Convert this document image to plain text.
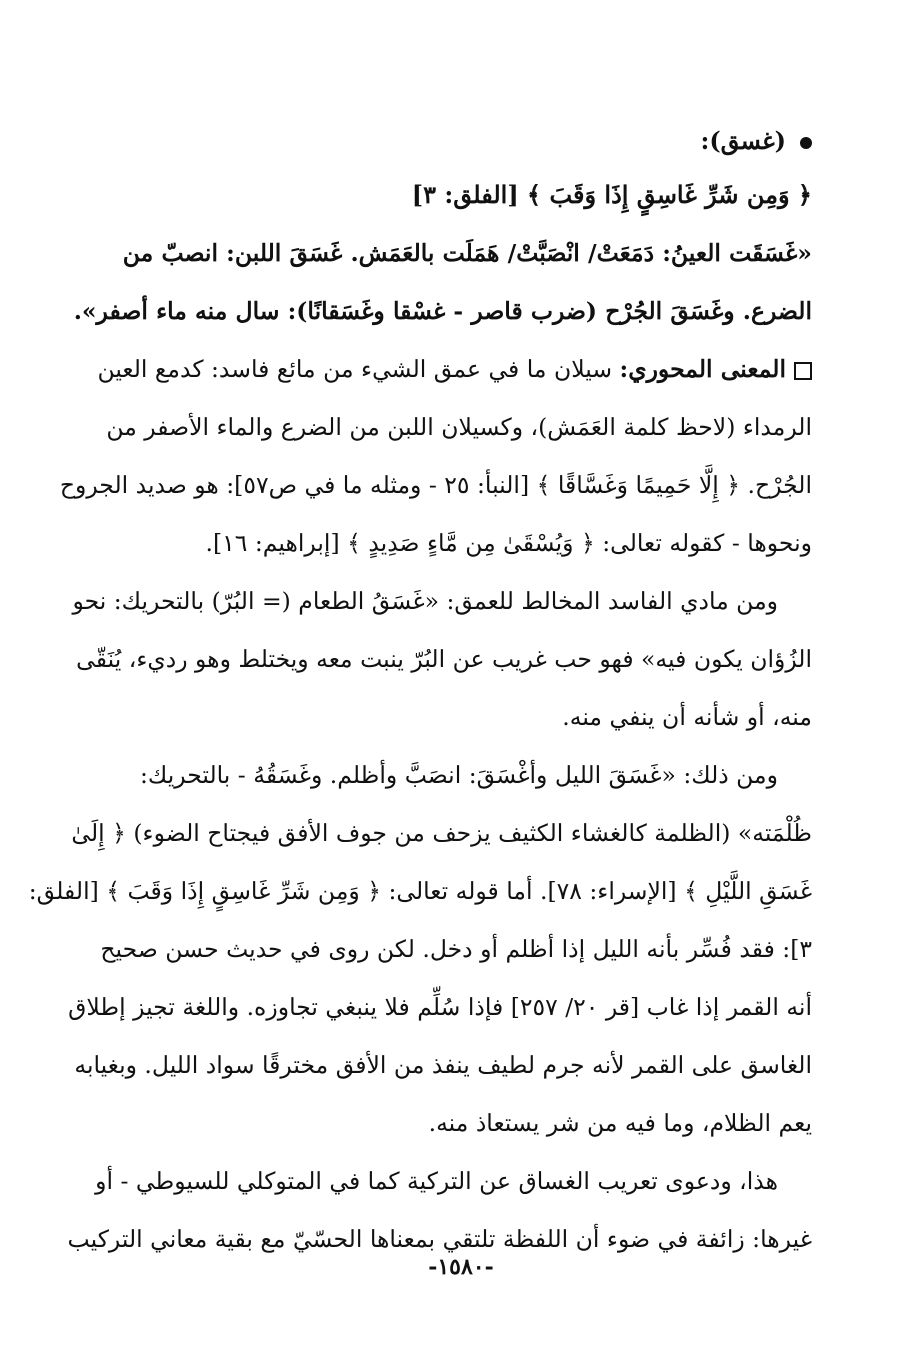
(غسق):
﴿ وَمِن شَرِّ غَاسِقٍ إِذَا وَقَبَ ﴾ [الفلق: ٣]
«غَسَقَت العينُ: دَمَعَتْ/ انْصَبَّتْ/ هَمَلَت بالعَمَش. غَسَقَ اللبن: انصبّ من
الضرع. وغَسَقَ الجُرْح (ضرب قاصر - غسْقا وغَسَقانًا): سال منه ماء أصفر».
المعنى المحوري: سيلان ما في عمق الشيء من مائع فاسد: كدمع العين
الرمداء (لاحظ كلمة العَمَش)، وكسيلان اللبن من الضرع والماء الأصفر من
الجُرْح. ﴿ إِلَّا حَمِيمًا وَغَسَّاقًا ﴾ [النبأ: ٢٥ - ومثله ما في ص٥٧]: هو صديد الجروح
ونحوها - كقوله تعالى: ﴿ وَيُسْقَىٰ مِن مَّاءٍ صَدِيدٍ ﴾ [إبراهيم: ١٦].
ومن مادي الفاسد المخالط للعمق: «غَسَقُ الطعام (= البُرّ) بالتحريك: نحو
الزُؤان يكون فيه» فهو حب غريب عن البُرّ ينبت معه ويختلط وهو رديء، يُنَقّى
منه، أو شأنه أن ينفي منه.
ومن ذلك: «غَسَقَ الليل وأغْسَقَ: انصَبَّ وأظلم. وغَسَقُهُ - بالتحريك:
ظُلْمَته» (الظلمة كالغشاء الكثيف يزحف من جوف الأفق فيجتاح الضوء) ﴿ إِلَىٰ
غَسَقِ اللَّيْلِ ﴾ [الإسراء: ٧٨]. أما قوله تعالى: ﴿ وَمِن شَرِّ غَاسِقٍ إِذَا وَقَبَ ﴾ [الفلق:
٣]: فقد فُسِّر بأنه الليل إذا أظلم أو دخل. لكن روى في حديث حسن صحيح
أنه القمر إذا غاب [قر ٢٠/ ٢٥٧] فإذا سُلِّم فلا ينبغي تجاوزه. واللغة تجيز إطلاق
الغاسق على القمر لأنه جرم لطيف ينفذ من الأفق مخترقًا سواد الليل. وبغيابه
يعم الظلام، وما فيه من شر يستعاذ منه.
هذا، ودعوى تعريب الغساق عن التركية كما في المتوكلي للسيوطي - أو
غيرها: زائفة في ضوء أن اللفظة تلتقي بمعناها الحسّيّ مع بقية معاني التركيب
-١٥٨٠-
